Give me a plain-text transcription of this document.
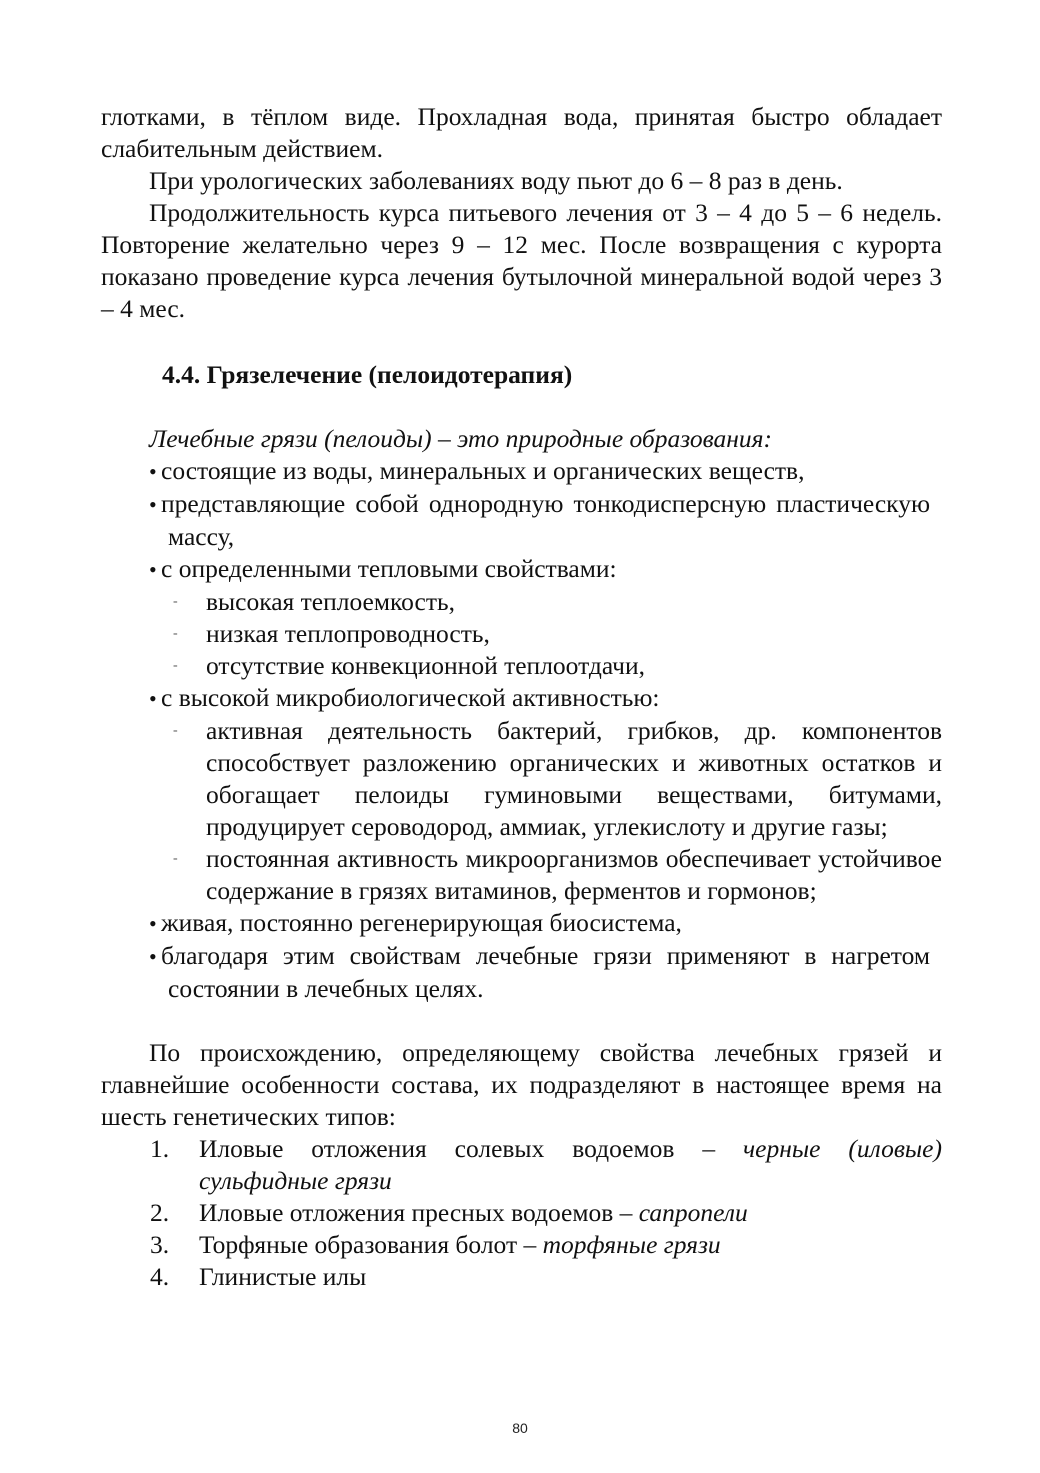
глотками, в тёплом виде. Прохладная вода, принятая быстро обладает слабительным действием.

При урологических заболеваниях воду пьют до 6 – 8 раз в день.

Продолжительность курса питьевого лечения от 3 – 4 до 5 – 6 недель. Повторение желательно через 9 – 12 мес. После возвращения с курорта показано проведение курса лечения бутылочной минеральной водой через 3 – 4 мес.

4.4. Грязелечение (пелоидотерапия)

Лечебные грязи (пелоиды) – это природные образования:

• состоящие из воды, минеральных и органических веществ,
• представляющие собой однородную тонкодисперсную пластическую массу,
• с определенными тепловыми свойствами:
- высокая теплоемкость,
- низкая теплопроводность,
- отсутствие конвекционной теплоотдачи,
• с высокой микробиологической активностью:
- активная деятельность бактерий, грибков, др. компонентов способствует разложению органических и животных остатков и обогащает пелоиды гуминовыми веществами, битумами, продуцирует сероводород, аммиак, углекислоту и другие газы;
- постоянная активность микроорганизмов обеспечивает устойчивое содержание в грязях витаминов, ферментов и гормонов;
• живая, постоянно регенерирующая биосистема,
• благодаря этим свойствам лечебные грязи применяют в нагретом состоянии в лечебных целях.

По происхождению, определяющему свойства лечебных грязей и главнейшие особенности состава, их подразделяют в настоящее время на шесть генетических типов:

1. Иловые отложения солевых водоемов – черные (иловые) сульфидные грязи
2. Иловые отложения пресных водоемов – сапропели
3. Торфяные образования болот – торфяные грязи
4. Глинистые илы
80
